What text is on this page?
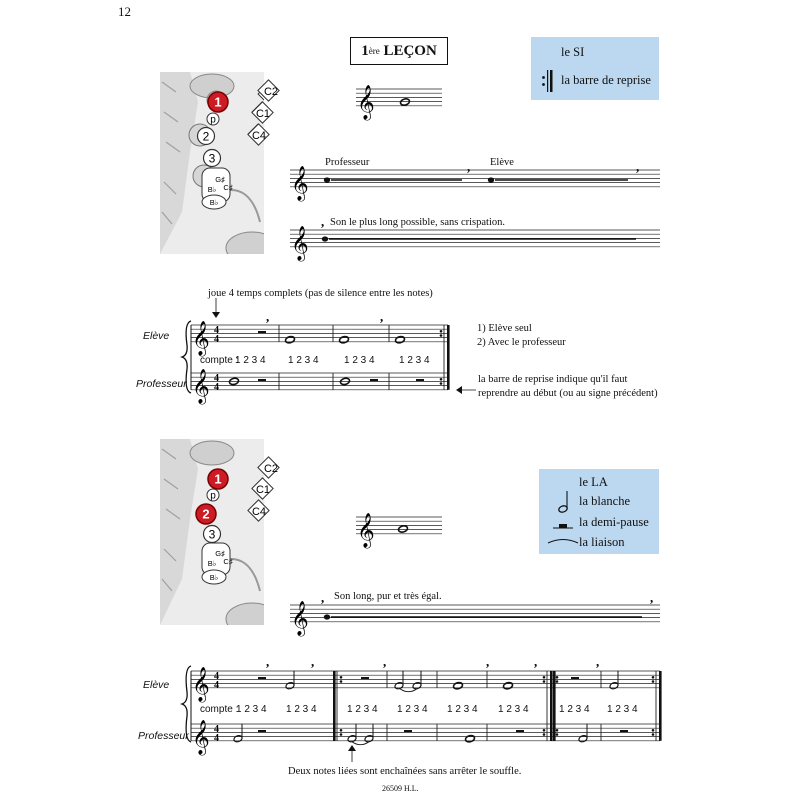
12
1 ère
LEÇON	le SI
la barre de reprise
le LA
la blanche
la demi-pause
la liaison
1
p
2
3
G♯
B♭ C♯
B♭
C2
C1
C4
1
p
2
3
G♯
B♭ C♯
B♭
C2
C1
C4
𝄞
𝄞	,	,
𝄞
,
𝄞
𝄞
4
4
4
4
,	,
𝄞
𝄞
,	,
𝄞
𝄞
4
4
4
4
,	,	,	,	,	,
Professeur	Elève
Son le plus long possible, sans crispation.
joue 4 temps complets (pas de silence entre les notes)
Elève
Professeur
compte :
1 2 3 4 1 2 3 4	1 2 3 4 1 2 3 4
1) Elève seul
2) Avec le professeur
la barre de reprise indique qu'il faut
reprendre au début (ou au signe précédent)
Son long, pur et très égal.
Elève
Professeur
compte :
1 2 3 4 1 2 3 4	1 2 3 4 1 2 3 4 1 2 3 4 1 2 3 4	1 2 3 4 1 2 3 4
Deux notes liées sont enchaînées sans arrêter le souffle.
26509 H.L.
